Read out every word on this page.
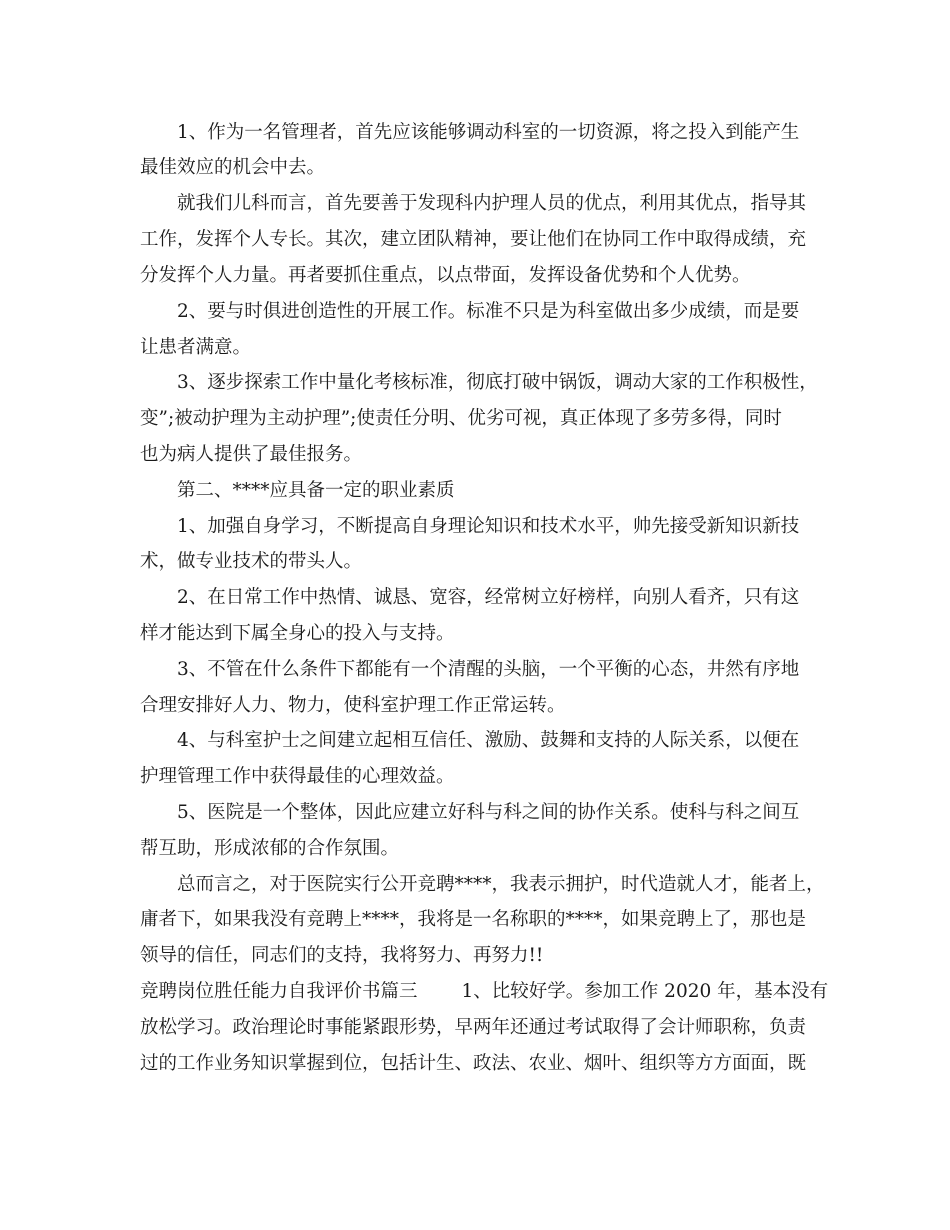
1、作为一名管理者，首先应该能够调动科室的一切资源，将之投入到能产生
最佳效应的机会中去。
就我们儿科而言，首先要善于发现科内护理人员的优点，利用其优点，指导其
工作，发挥个人专长。其次，建立团队精神，要让他们在协同工作中取得成绩，充
分发挥个人力量。再者要抓住重点，以点带面，发挥设备优势和个人优势。
2、要与时俱进创造性的开展工作。标准不只是为科室做出多少成绩，而是要
让患者满意。
3、逐步探索工作中量化考核标准，彻底打破中锅饭，调动大家的工作积极性，
变”;被动护理为主动护理”;使责任分明、优劣可视，真正体现了多劳多得，同时
也为病人提供了最佳报务。
第二、****应具备一定的职业素质
1、加强自身学习，不断提高自身理论知识和技术水平，帅先接受新知识新技
术，做专业技术的带头人。
2、在日常工作中热情、诚恳、宽容，经常树立好榜样，向别人看齐，只有这
样才能达到下属全身心的投入与支持。
3、不管在什么条件下都能有一个清醒的头脑，一个平衡的心态，井然有序地
合理安排好人力、物力，使科室护理工作正常运转。
4、与科室护士之间建立起相互信任、激励、鼓舞和支持的人际关系，以便在
护理管理工作中获得最佳的心理效益。
5、医院是一个整体，因此应建立好科与科之间的协作关系。使科与科之间互
帮互助，形成浓郁的合作氛围。
总而言之，对于医院实行公开竞聘****，我表示拥护，时代造就人才，能者上，
庸者下，如果我没有竞聘上****，我将是一名称职的****，如果竞聘上了，那也是
领导的信任，同志们的支持，我将努力、再努力!!
竞聘岗位胜任能力自我评价书篇三 1、比较好学。参加工作 2020 年，基本没有
放松学习。政治理论时事能紧跟形势，早两年还通过考试取得了会计师职称，负责
过的工作业务知识掌握到位，包括计生、政法、农业、烟叶、组织等方方面面，既
